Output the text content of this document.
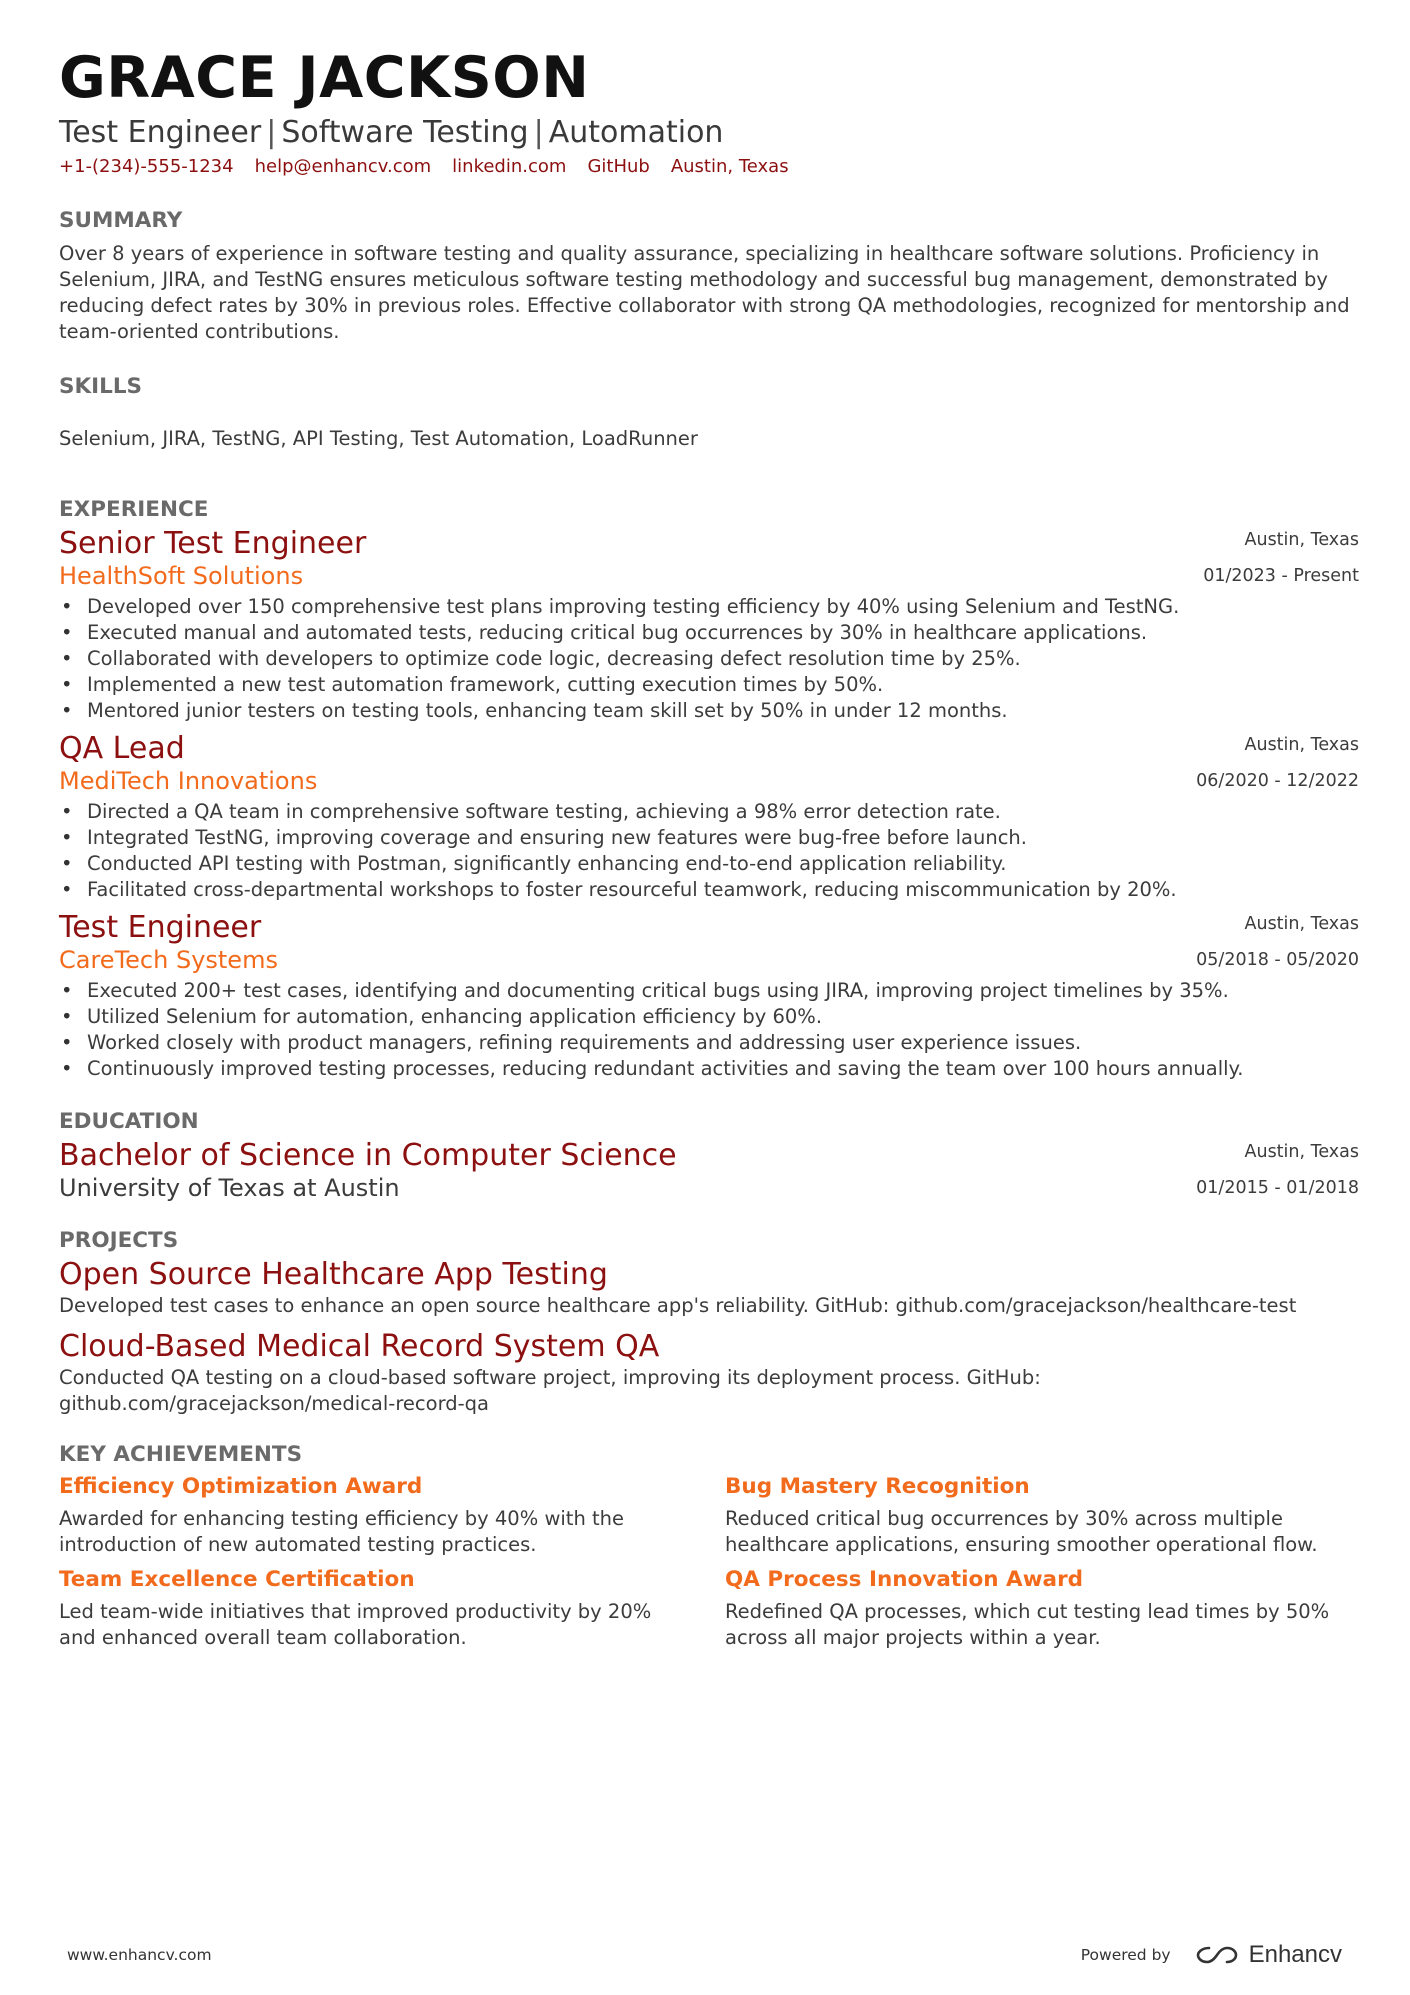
GRACE JACKSON
Test Engineer | Software Testing | Automation
+1-(234)-555-1234 help@enhancv.com linkedin.com GitHub Austin, Texas
SUMMARY
Over 8 years of experience in software testing and quality assurance, specializing in healthcare software solutions. Proficiency in Selenium, JIRA, and TestNG ensures meticulous software testing methodology and successful bug management, demonstrated by reducing defect rates by 30% in previous roles. Effective collaborator with strong QA methodologies, recognized for mentorship and team-oriented contributions.
SKILLS
Selenium, JIRA, TestNG, API Testing, Test Automation, LoadRunner
EXPERIENCE
Senior Test Engineer
HealthSoft Solutions
Austin, Texas
01/2023 - Present
• Developed over 150 comprehensive test plans improving testing efficiency by 40% using Selenium and TestNG.
• Executed manual and automated tests, reducing critical bug occurrences by 30% in healthcare applications.
• Collaborated with developers to optimize code logic, decreasing defect resolution time by 25%.
• Implemented a new test automation framework, cutting execution times by 50%.
• Mentored junior testers on testing tools, enhancing team skill set by 50% in under 12 months.
QA Lead
MediTech Innovations
Austin, Texas
06/2020 - 12/2022
• Directed a QA team in comprehensive software testing, achieving a 98% error detection rate.
• Integrated TestNG, improving coverage and ensuring new features were bug-free before launch.
• Conducted API testing with Postman, significantly enhancing end-to-end application reliability.
• Facilitated cross-departmental workshops to foster resourceful teamwork, reducing miscommunication by 20%.
Test Engineer
CareTech Systems
Austin, Texas
05/2018 - 05/2020
• Executed 200+ test cases, identifying and documenting critical bugs using JIRA, improving project timelines by 35%.
• Utilized Selenium for automation, enhancing application efficiency by 60%.
• Worked closely with product managers, refining requirements and addressing user experience issues.
• Continuously improved testing processes, reducing redundant activities and saving the team over 100 hours annually.
EDUCATION
Bachelor of Science in Computer Science
University of Texas at Austin
Austin, Texas
01/2015 - 01/2018
PROJECTS
Open Source Healthcare App Testing
Developed test cases to enhance an open source healthcare app's reliability. GitHub: github.com/gracejackson/healthcare-test
Cloud-Based Medical Record System QA
Conducted QA testing on a cloud-based software project, improving its deployment process. GitHub: github.com/gracejackson/medical-record-qa
KEY ACHIEVEMENTS
Efficiency Optimization Award
Awarded for enhancing testing efficiency by 40% with the introduction of new automated testing practices.
Bug Mastery Recognition
Reduced critical bug occurrences by 30% across multiple healthcare applications, ensuring smoother operational flow.
Team Excellence Certification
Led team-wide initiatives that improved productivity by 20% and enhanced overall team collaboration.
QA Process Innovation Award
Redefined QA processes, which cut testing lead times by 50% across all major projects within a year.
www.enhancv.com	Powered by	Enhancv
